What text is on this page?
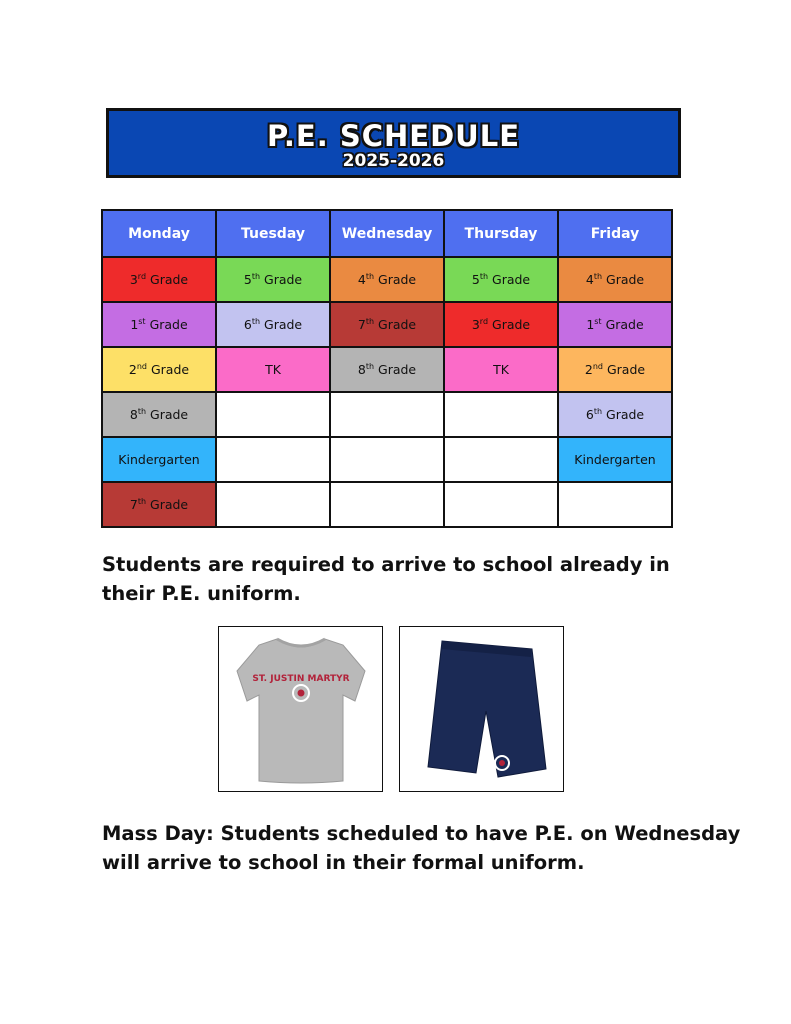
P.E. SCHEDULE
2025-2026
Monday	Tuesday	Wednesday	Thursday	Friday
3rd Grade	5th Grade	4th Grade	5th Grade	4th Grade
1st Grade	6th Grade	7th Grade	3rd Grade	1st Grade
2nd Grade	TK	8th Grade	TK	2nd Grade
8th Grade				6th Grade
Kindergarten				Kindergarten
7th Grade				
Students are required to arrive to school already in their P.E. uniform.
ST. JUSTIN MARTYR
Mass Day: Students scheduled to have P.E. on Wednesday will arrive to school in their formal uniform.
